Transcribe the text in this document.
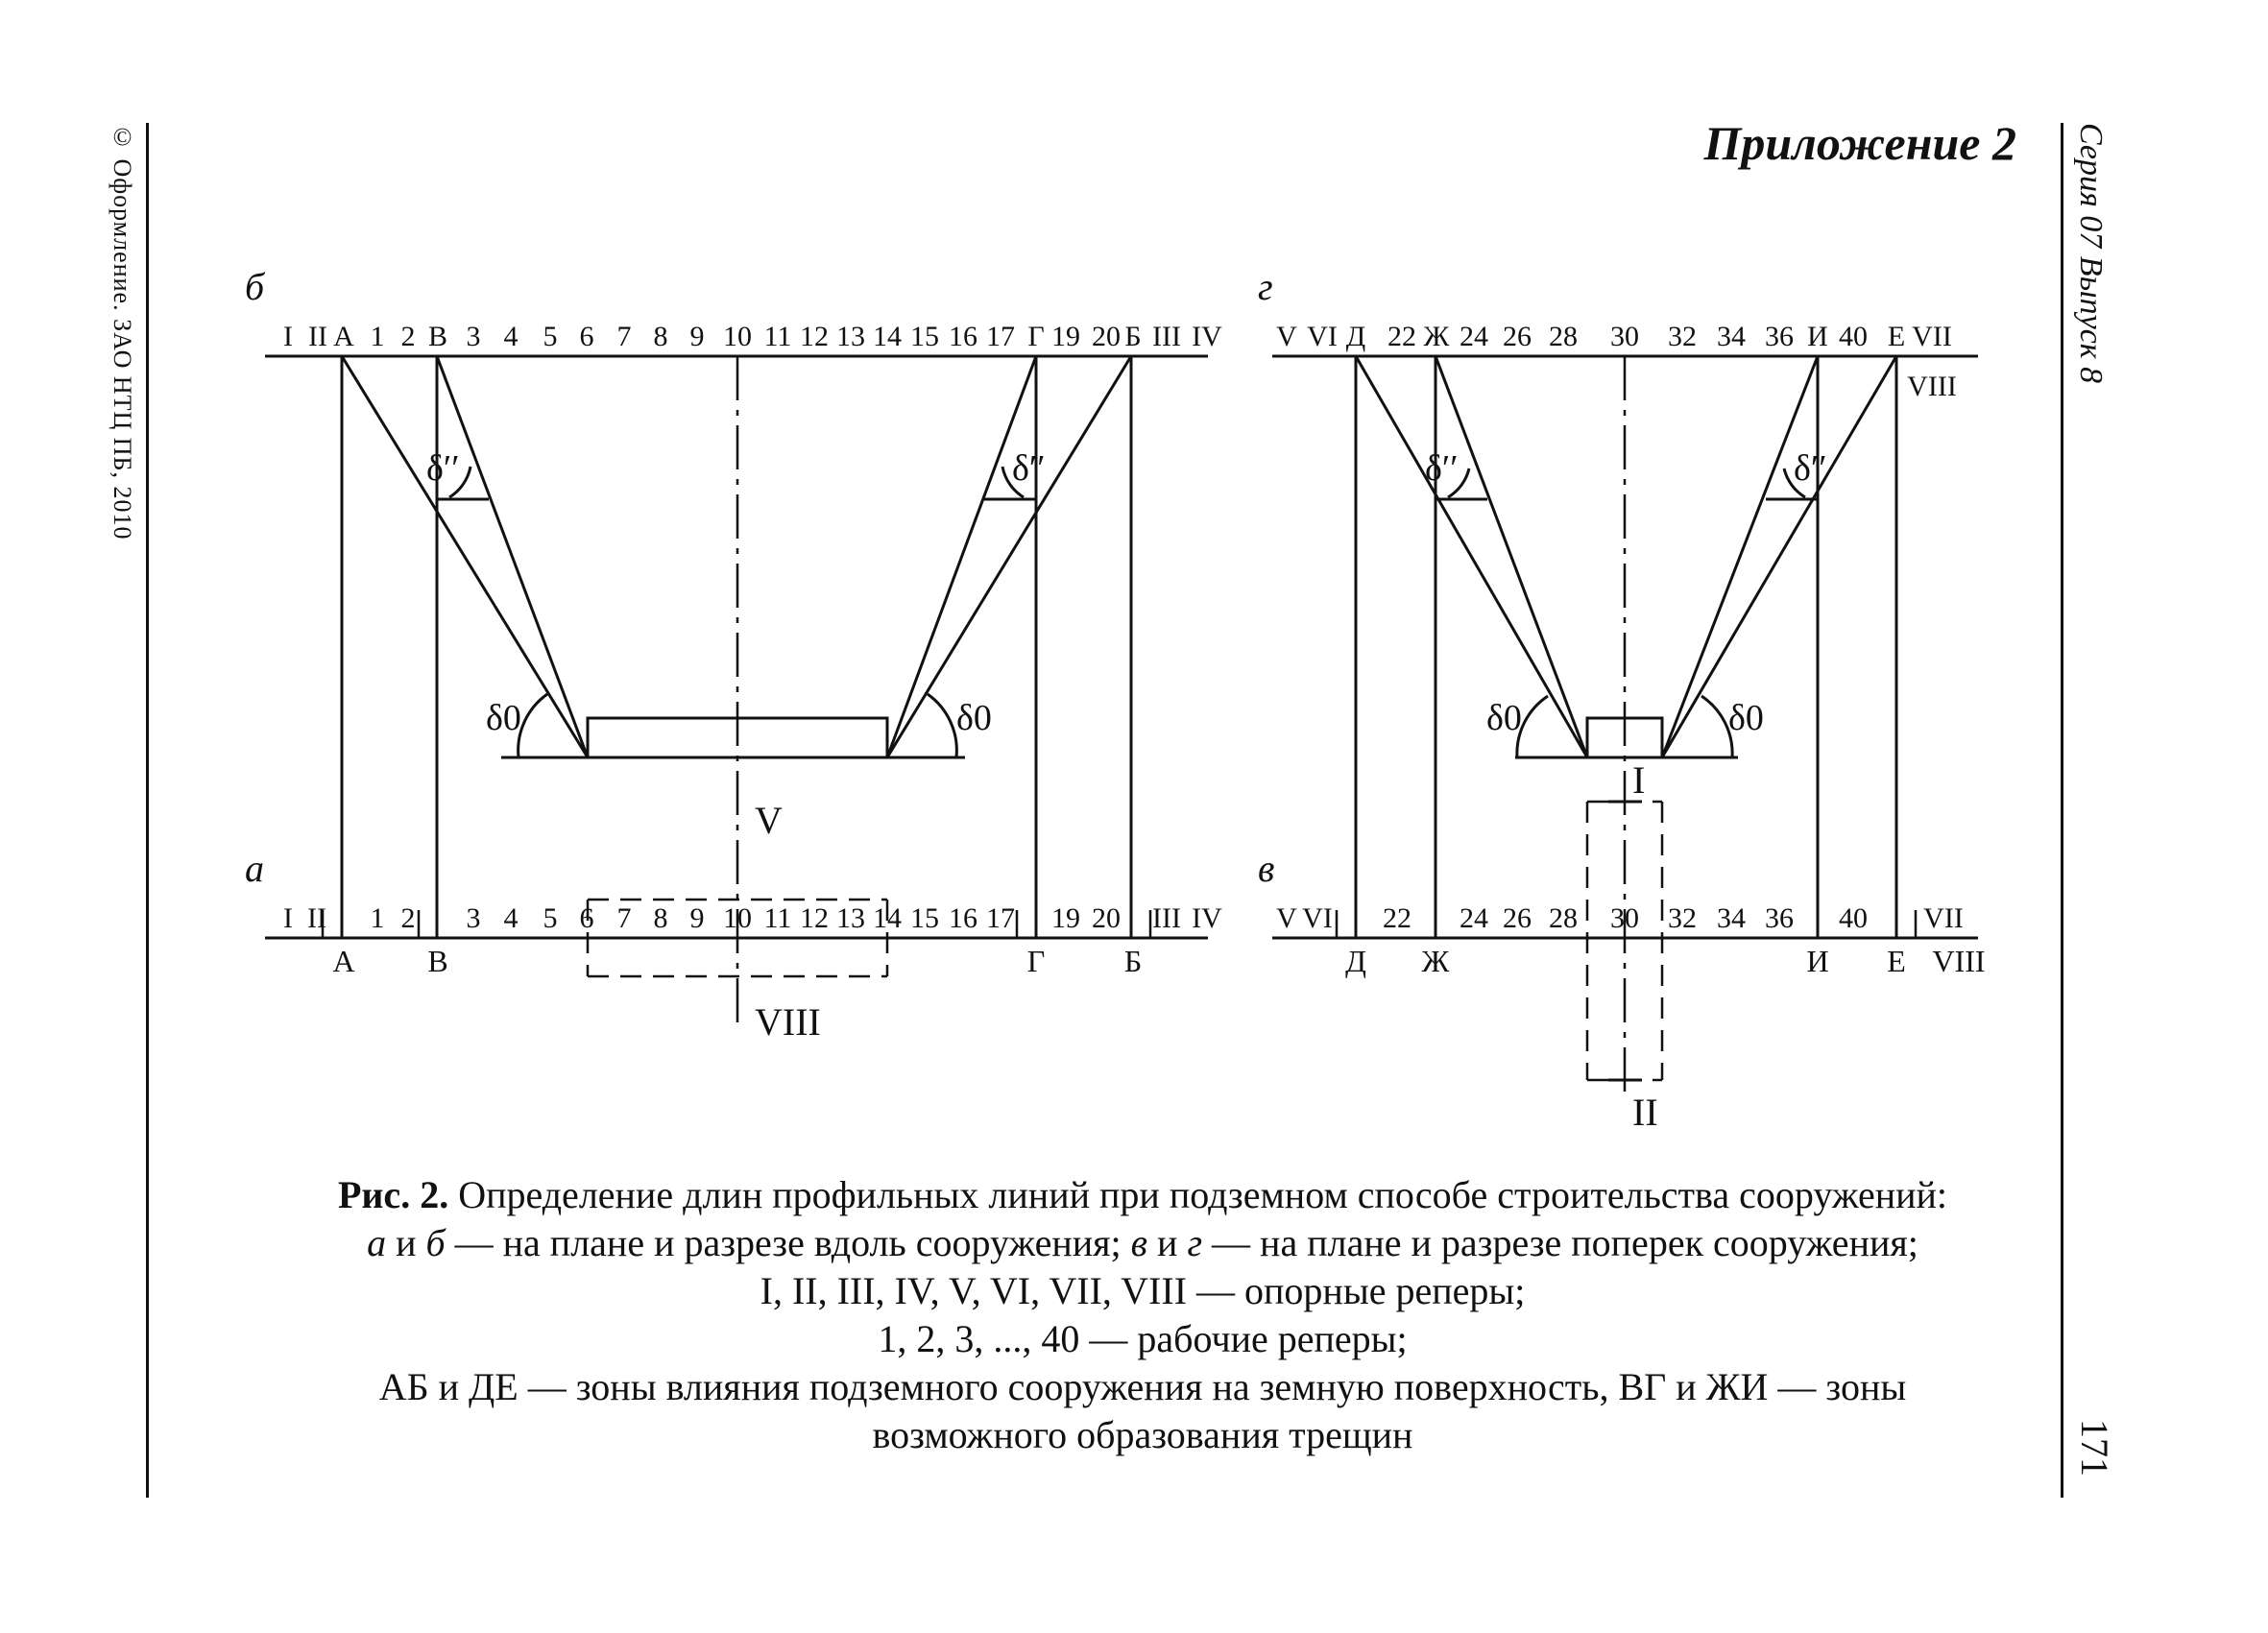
© Оформление. ЗАО НТЦ ПБ, 2010	Серия 07 Выпуск 8
171
Приложение 2
б
а
г
в
I II А 1 2 В 3 4 5 6 7 8 9 10 11 12 13 14 15 16 17 Г 19 20 Б III IV
δ′′	δ′′
δ0	δ0
I II 1 2 3 4 5 6 7 8 9 10 11 12 13 14 15 16 17 19 20 III IV
А В	Г	Б
V
VIII
V VI Д 22 Ж 24 26 28 30 32 34 36 И 40 Е VII
VIII
δ′′	δ′′
δ0	δ0
V VI 22 24 26 28 30 32 34 36 40 VII
Д Ж	И Е VIII
I
II

Рис. 2. Определение длин профильных линий при подземном способе строительства сооружений:

а и б — на плане и разрезе вдоль сооружения; в и г — на плане и разрезе поперек сооружения;

I, II, III, IV, V, VI, VII, VIII — опорные реперы;

1, 2, 3, ..., 40 — рабочие реперы;

АБ и ДЕ — зоны влияния подземного сооружения на земную поверхность, ВГ и ЖИ — зоны

возможного образования трещин
